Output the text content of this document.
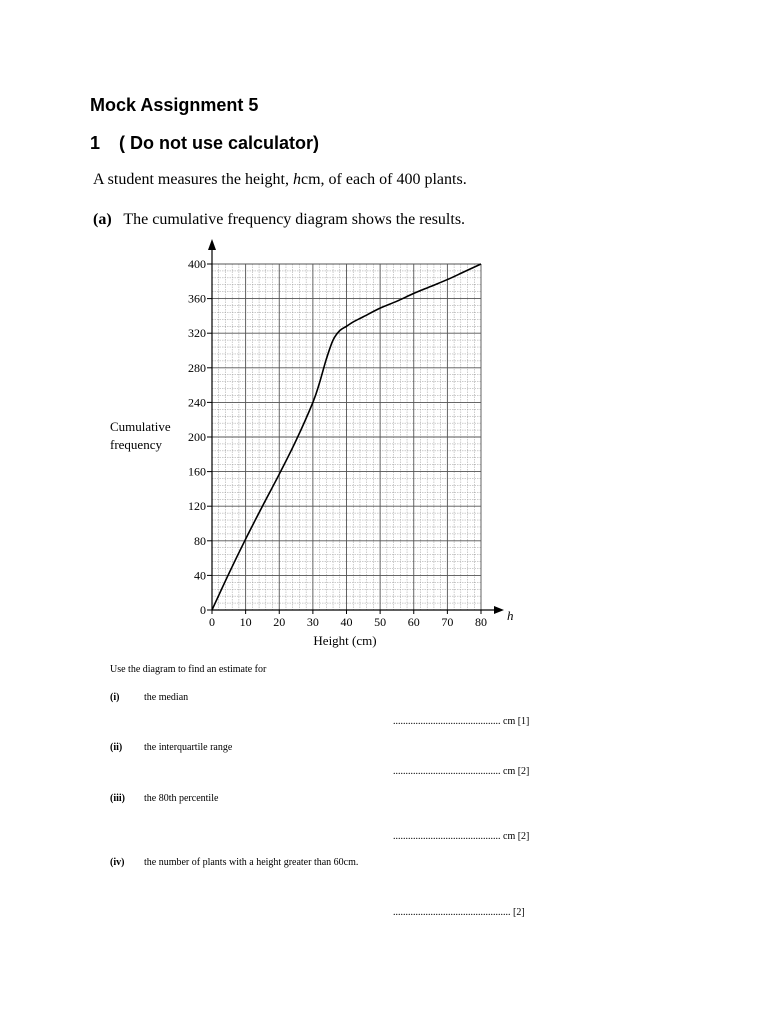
Mock Assignment 5
1 ( Do not use calculator)

A student measures the height, hcm, of each of 400 plants.

(a) The cumulative frequency diagram shows the results.

0
40
80
120
160
200
240
280
320
360
400
0 10 20 30 40 50 60 70 80
Cumulative
frequency
Height (cm)
h

Use the diagram to find an estimate for

(i) the median

........................................... cm [1]

(ii) the interquartile range

........................................... cm [2]

(iii) the 80th percentile

........................................... cm [2]

(iv) the number of plants with a height greater than 60cm.

............................................... [2]
